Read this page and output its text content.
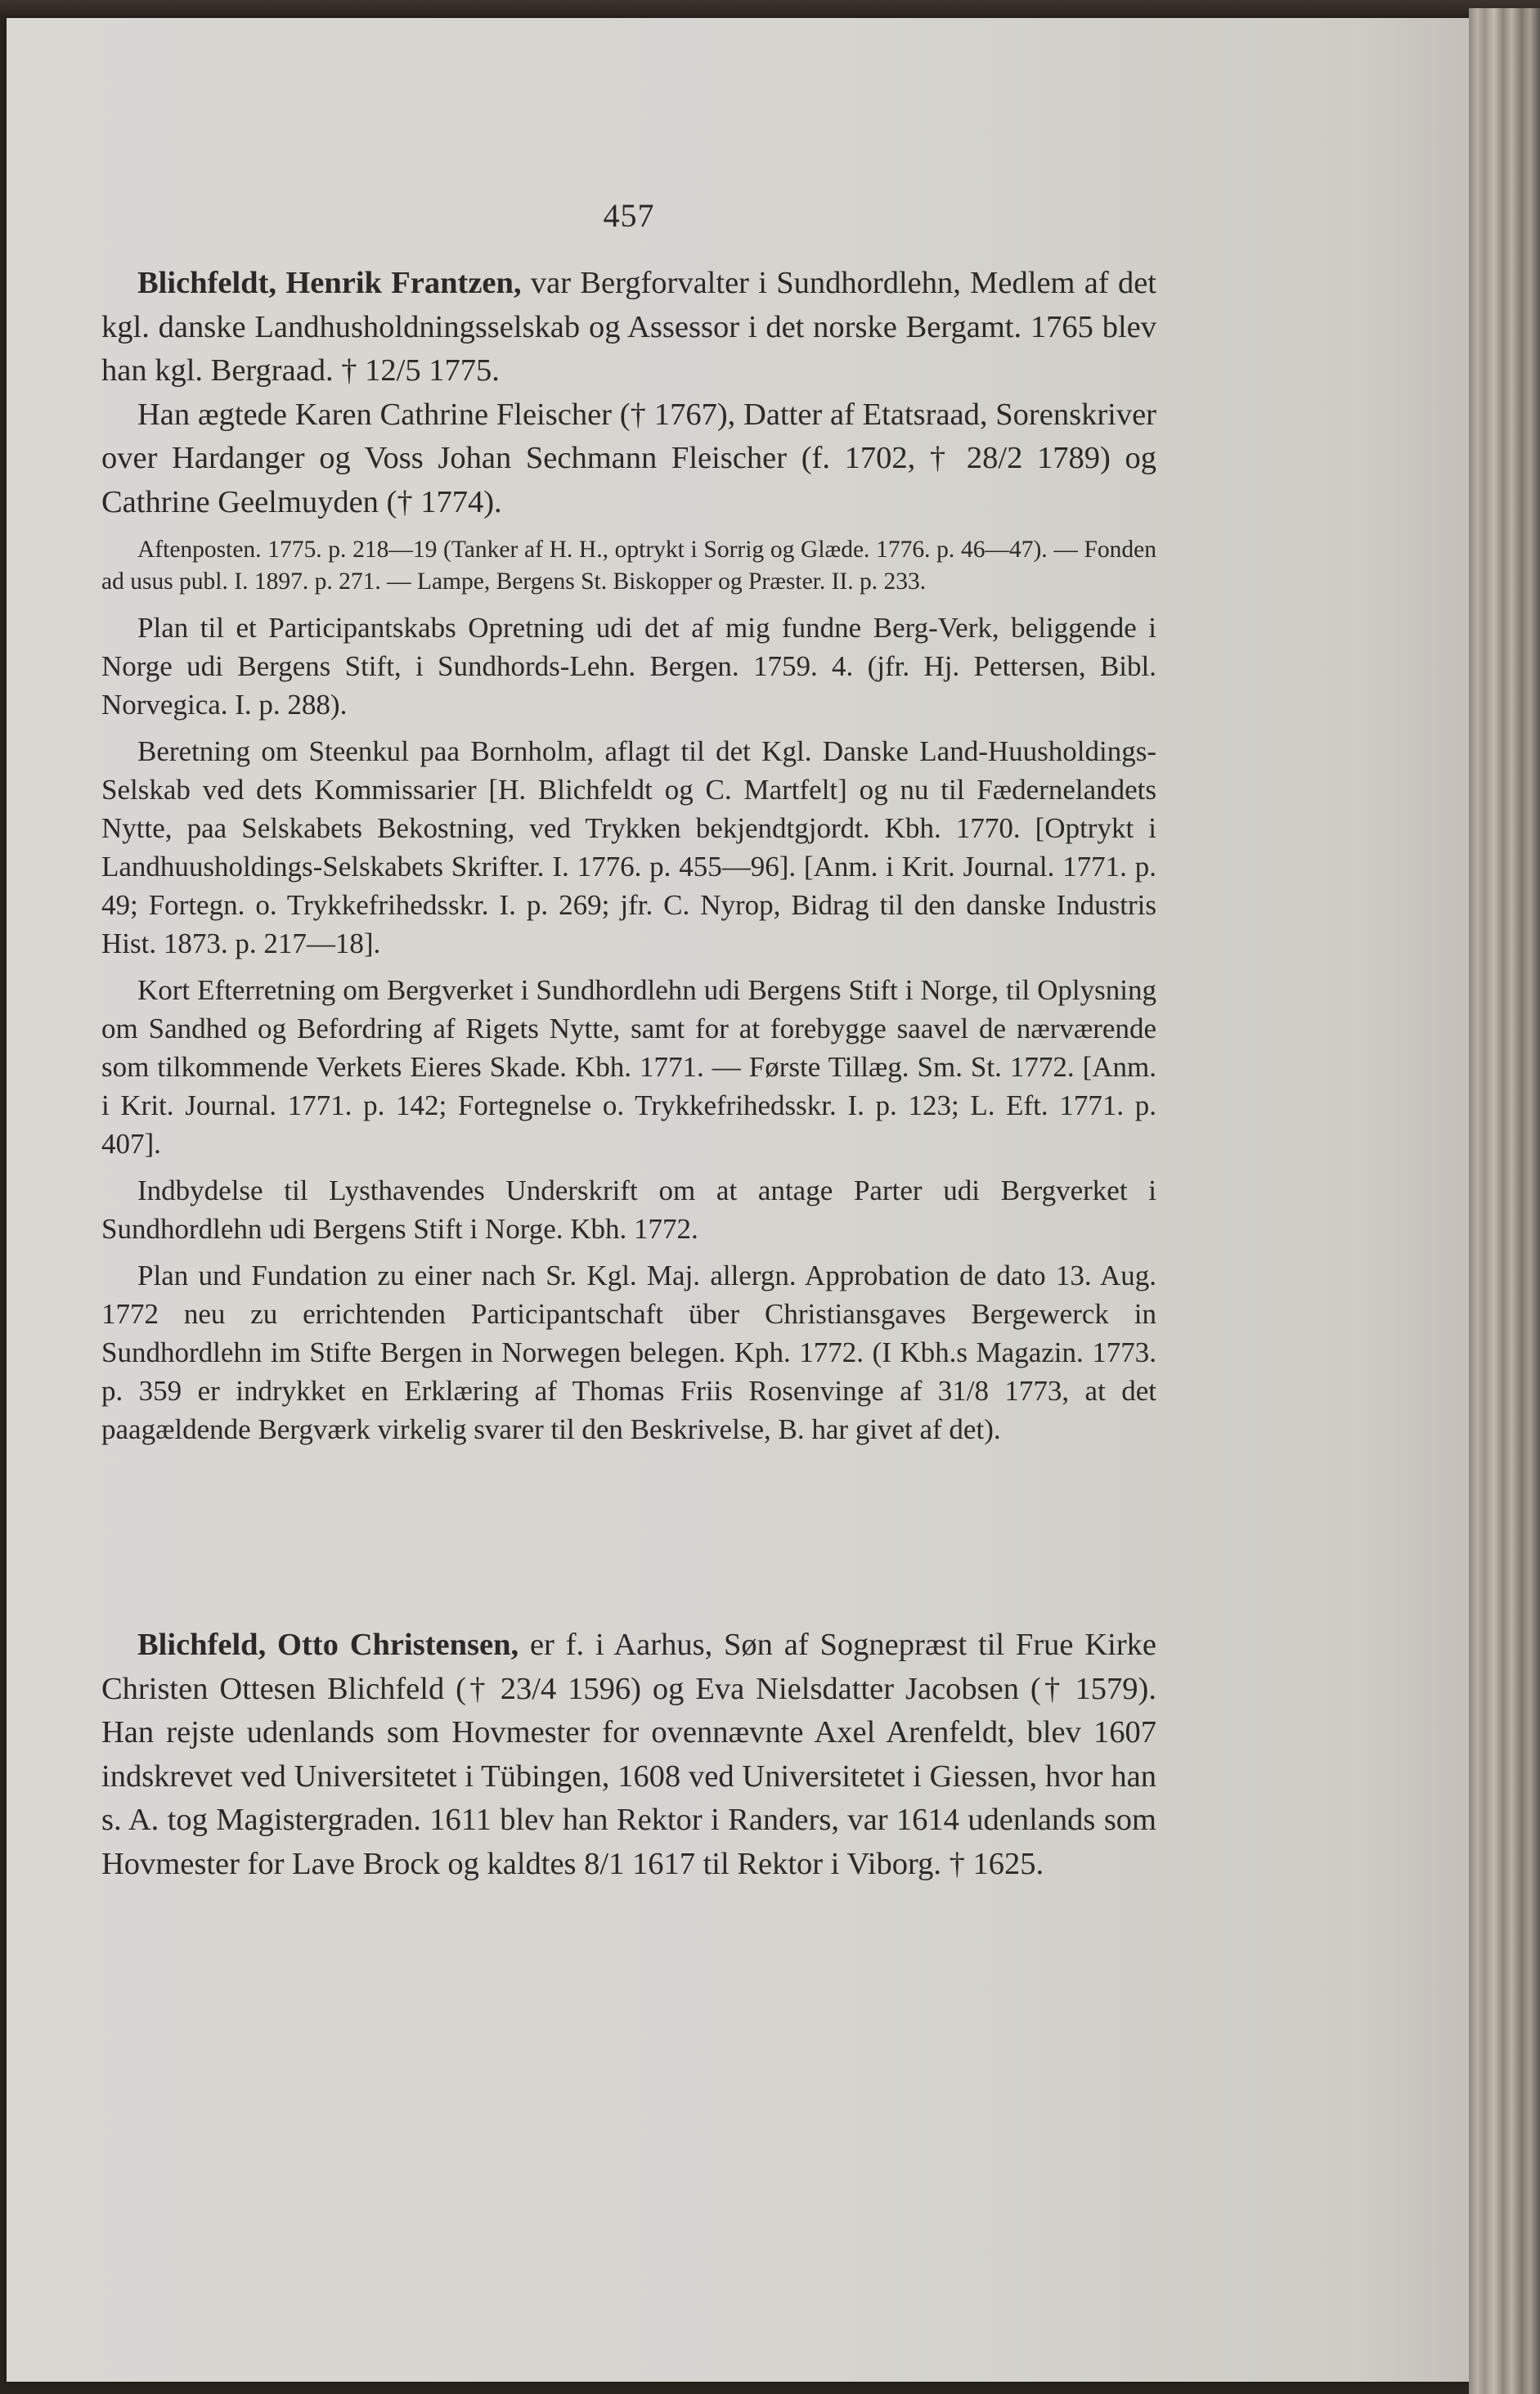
457

Blichfeldt, Henrik Frantzen, var Bergforvalter i Sundhordlehn, Medlem af det kgl. danske Landhusholdningsselskab og Assessor i det norske Bergamt. 1765 blev han kgl. Bergraad. † 12/5 1775.

Han ægtede Karen Cathrine Fleischer († 1767), Datter af Etatsraad, Sorenskriver over Hardanger og Voss Johan Sechmann Fleischer (f. 1702, † 28/2 1789) og Cathrine Geelmuyden († 1774).

Aftenposten. 1775. p. 218—19 (Tanker af H. H., optrykt i Sorrig og Glæde. 1776. p. 46—47). — Fonden ad usus publ. I. 1897. p. 271. — Lampe, Bergens St. Biskopper og Præster. II. p. 233.

Plan til et Participantskabs Opretning udi det af mig fundne Berg-Verk, beliggende i Norge udi Bergens Stift, i Sundhords-Lehn. Bergen. 1759. 4. (jfr. Hj. Pettersen, Bibl. Norvegica. I. p. 288).

Beretning om Steenkul paa Bornholm, aflagt til det Kgl. Danske Land-Huusholdings-Selskab ved dets Kommissarier [H. Blichfeldt og C. Martfelt] og nu til Fædernelandets Nytte, paa Selskabets Bekostning, ved Trykken bekjendtgjordt. Kbh. 1770. [Optrykt i Landhuusholdings-Selskabets Skrifter. I. 1776. p. 455—96]. [Anm. i Krit. Journal. 1771. p. 49; Fortegn. o. Trykkefrihedsskr. I. p. 269; jfr. C. Nyrop, Bidrag til den danske Industris Hist. 1873. p. 217—18].

Kort Efterretning om Bergverket i Sundhordlehn udi Bergens Stift i Norge, til Oplysning om Sandhed og Befordring af Rigets Nytte, samt for at forebygge saavel de nærværende som tilkommende Verkets Eieres Skade. Kbh. 1771. — Første Tillæg. Sm. St. 1772. [Anm. i Krit. Journal. 1771. p. 142; Fortegnelse o. Trykkefrihedsskr. I. p. 123; L. Eft. 1771. p. 407].

Indbydelse til Lysthavendes Underskrift om at antage Parter udi Bergverket i Sundhordlehn udi Bergens Stift i Norge. Kbh. 1772.

Plan und Fundation zu einer nach Sr. Kgl. Maj. allergn. Approbation de dato 13. Aug. 1772 neu zu errichtenden Participantschaft über Christiansgaves Bergewerck in Sundhordlehn im Stifte Bergen in Norwegen belegen. Kph. 1772. (I Kbh.s Magazin. 1773. p. 359 er indrykket en Erklæring af Thomas Friis Rosenvinge af 31/8 1773, at det paagældende Bergværk virkelig svarer til den Beskrivelse, B. har givet af det).

Blichfeld, Otto Christensen, er f. i Aarhus, Søn af Sognepræst til Frue Kirke Christen Ottesen Blichfeld († 23/4 1596) og Eva Nielsdatter Jacobsen († 1579). Han rejste udenlands som Hovmester for ovennævnte Axel Arenfeldt, blev 1607 indskrevet ved Universitetet i Tübingen, 1608 ved Universitetet i Giessen, hvor han s. A. tog Magistergraden. 1611 blev han Rektor i Randers, var 1614 udenlands som Hovmester for Lave Brock og kaldtes 8/1 1617 til Rektor i Viborg. † 1625.
